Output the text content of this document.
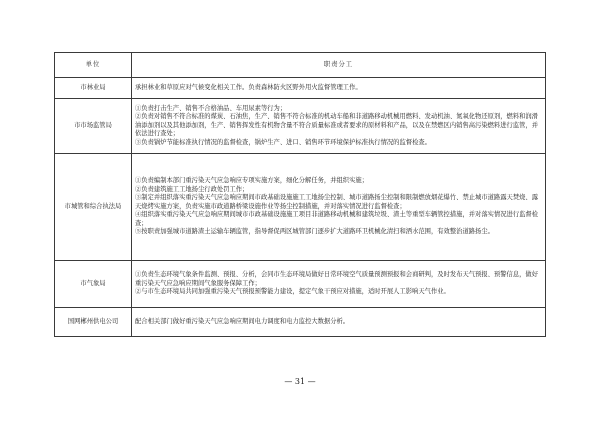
单位	职责分工
市林业局	承担林业和草原应对气候变化相关工作。负责森林防火区野外用火监督管理工作。

市市场监管局	①负责打击生产、销售不合格油品、车用尿素等行为；
②负责对销售不符合标准的煤炭、石油焦，生产、销售不符合标准的机动车船和非道路移动机械用燃料、发动机油、氮氧化物还原剂，燃料和润滑油添加剂以及其他添加剂，生产、销售挥发性有机物含量不符合质量标准或者要求的原材料和产品，以及在禁燃区内销售高污染燃料进行监管，并依法进行查处；
③负责锅炉节能标准执行情况的监督检查，锅炉生产、进口、销售环节环境保护标准执行情况的监督检查。

市城管和综合执法局	①负责编制本部门重污染天气应急响应专项实施方案，细化分解任务，并组织实施；
②负责建筑施工工地扬尘行政处罚工作；
③制定并组织落实重污染天气应急响应期间市政基础设施施工工地扬尘控制、城市道路扬尘控制和限制燃放烟花爆竹、禁止城市道路露天焚烧、露天烧烤实施方案，负责实施市政道路桥梁设施作业等扬尘控制措施，并对落实情况进行监督检查；
④组织落实重污染天气应急响应期间城市市政基础设施施工项目非道路移动机械和建筑垃圾、渣土等重型车辆管控措施，并对落实情况进行监督检查；
⑤按职责加强城市道路渣土运输车辆监管，指导督促两区城管部门逐步扩大道路环卫机械化清扫和洒水范围，有效整治道路扬尘。

市气象局	①负责生态环境气象条件监测、预报、分析，会同市生态环境局做好日常环境空气质量预测预报和会商研判，及时发布天气预报、预警信息，做好重污染天气应急响应期间气象服务保障工作；
②与市生态环境局共同加强重污染天气预报预警能力建设，提定气象干预应对措施，适时开展人工影响天气作业。

国网郴州供电公司	配合相关部门做好重污染天气应急响应期间电力调度和电力监控大数据分析。
— 31 —
